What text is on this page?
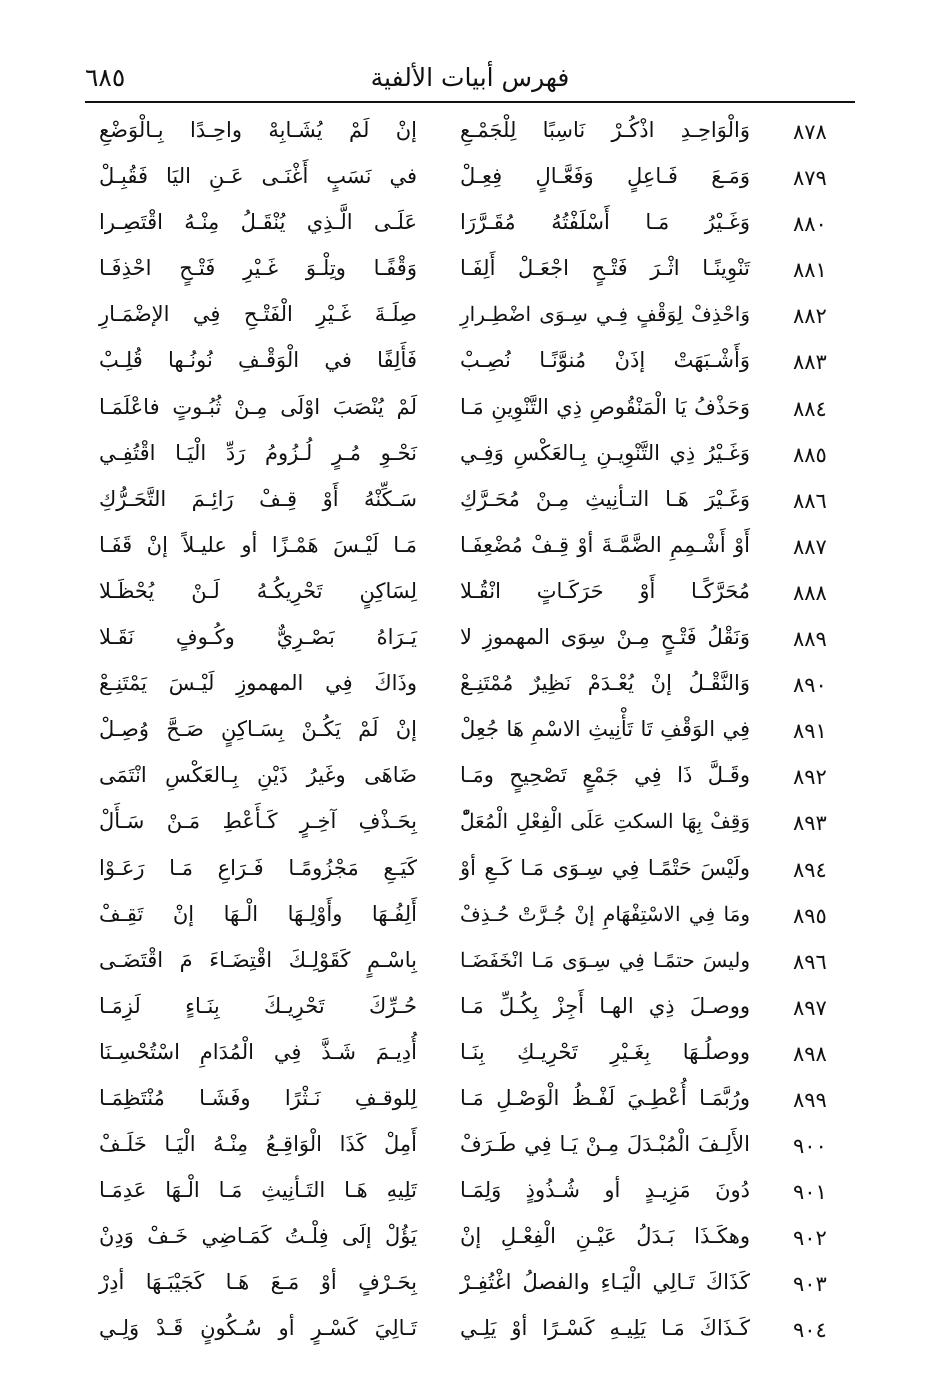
فهرس أبيات الألفية
٦٨٥
٨٧٨
وَالْوَاحِـدِ اذْكُـرْ نَاسِبًا لِلْجَمْـعِ
إنْ لَمْ يُشَـابِهْ واحِـدًا بِـالْوَضْعِ
٨٧٩
وَمَـعَ فَـاعِلٍ وَفَعَّـالٍ فِعِـلْ
في نَسَبٍ أَغْنَـى عَـنِ اليَا فَقُبِـلْ
٨٨٠
وَغَـيْرُ مَـا أَسْلَفْتُهُ مُقَـرَّرَا
عَلَـى الَّـذِي يُنْقَـلُ مِنْـهُ اقْتَصِـرا
٨٨١
تَنْوِينًـا اثْـرَ فَتْـحٍ اجْعَـلْ أَلِفَـا
وَقْفًـا وتِلْـوَ غَـيْرِ فَتْـحٍ احْذِفَـا
٨٨٢
وَاحْذِفْ لِوَقْفٍ فِـي سِـوَى اضْطِـرارِ
صِلَـةَ غَـيْرِ الْفَتْـحِ فِي الإضْمَـارِ
٨٨٣
وَأَشْـبَهَتْ إذَنْ مُنوَّنًـا نُصِـبْ
فَأَلِفًا في الْوَقْـفِ نُونُـها قُلِـبْ
٨٨٤
وَحَذْفُ يَا الْمَنْقُوصِ ذِي التَّنْوِينِ مَـا
لَمْ يُنْصَبَ اوْلَى مِـنْ ثُبُـوتٍ فاعْلَمَـا
٨٨٥
وَغَـيْرُ ذِي التَّنْوِيـنِ بِـالعَكْسِ وَفِـي
نَحْـوِ مُـرٍ لُـزُومُ رَدِّ الْيَـا اقْتُفِـي
٨٨٦
وَغَـيْرَ هَـا التـأنِيثِ مِـنْ مُحَـرَّكِ
سَـكِّنْهُ أَوْ قِـفْ رَائِـمَ التَّحَـرُّكِ
٨٨٧
أَوْ أَشْـمِمِ الضَّمَّـةَ أوْ قِـفْ مُضْعِفَـا
مَـا لَيْـسَ هَمْـزًا أو عليـلاً إنْ قَفَـا
٨٨٨
مُحَرَّكًـا أَوْ حَرَكَـاتٍ انْقُـلا
لِسَاكِنٍ تَحْرِيكُـهُ لَـنْ يُحْظَـلا
٨٨٩
وَنَقْلُ فَتْـحٍ مِـنْ سِوَى المهموزِ لا
يَـرَاهُ بَصْـرِيٌّ وكُـوفٍ نَقَـلا
٨٩٠
وَالنَّقْـلُ إنْ يُعْـدَمْ نَظِيرٌ مُمْتَنِـعْ
وذَاكَ فِي المهموزِ لَيْـسَ يَمْتَنِـعْ
٨٩١
فِي الوَقْفِ تَا تَأْنِيثِ الاسْمِ هَا جُعِلْ
إنْ لَمْ يَكُـنْ بِسَـاكِنٍ صَـحَّ وُصِـلْ
٨٩٢
وقَـلَّ ذَا فِي جَمْعٍ تَصْحِيحٍ ومَـا
ضَاهَى وغَيرُ ذَيْنِ بِـالعَكْسِ انْتَمَى
٨٩٣
وَقِفْ بِهَا السكتِ عَلَى الْفِعْلِ الْمُعَلّْ
بِحَـذْفِ آخِـرٍ كَـأَعْطِ مَـنْ سَـأَلْ
٨٩٤
ولَيْسَ حَتْمًـا فِي سِـوَى مَـا كَـعِ أوْ
كَيَـعِ مَجْزُومًـا فَـرَاعِ مَـا رَعَـوْا
٨٩٥
ومَا فِي الاسْتِفْهَامِ إنْ جُـرَّتْ حُـذِفْ
أَلِفُـهَا وأَوْلِـهَا الْـهَا إنْ تَقِـفْ
٨٩٦
وليسَ حتمًـا فِي سِـوَى مَـا انْخَفَضَـا
بِاسْـمٍ كَقَوْلِـكَ اقْتِضَـاءَ مَ اقْتَضَـى
٨٩٧
ووصـلَ ذِي الهـا أَجِزْ بِكُـلِّ مَـا
حُـرِّكَ تَحْرِيـكَ بِنَـاءٍ لَزِمَـا
٨٩٨
ووصلُـهَا بِغَـيْرِ تَحْرِيـكِ بِنَـا
أُدِيـمَ شَـذَّ فِي الْمُدَامِ اسْتُحْسِـنَا
٨٩٩
ورُبَّمَـا أُعْطِـيَ لَفْـظُ الْوَصْـلِ مَـا
لِلوقـفِ نَـثْرًا وفَشَـا مُنْتَظِمَـا
٩٠٠
الأَلِـفَ الْمُبْـدَلَ مِـنْ يَـا فِي طَـرَفْ
أَمِلْ كَذَا الْوَاقِـعُ مِنْـهُ الْيَـا خَلَـفْ
٩٠١
دُونَ مَزِيـدٍ أو شُـذُوذٍ وَلِمَـا
تَلِيهِ هَـا التَـأنِيثِ مَـا الْـهَا عَدِمَـا
٩٠٢
وهكَـذَا بَـدَلُ عَيْـنِ الْفِعْـلِ إنْ
يَؤُلْ إلَى فِلْـتُ كَمَـاضِي خَـفْ وَدِنْ
٩٠٣
كَذَاكَ تَـالِي الْيَـاءِ والفصلُ اغْتُفِـرْ
بِحَـرْفٍ أوْ مَـعَ هَـا كَجَيْبَـهَا أدِرْ
٩٠٤
كَـذَاكَ مَـا يَلِيـهِ كَسْـرًا أوْ يَلِـي
تَـالِيَ كَسْـرٍ أو سُـكُونٍ قَـدْ وَلِـي
